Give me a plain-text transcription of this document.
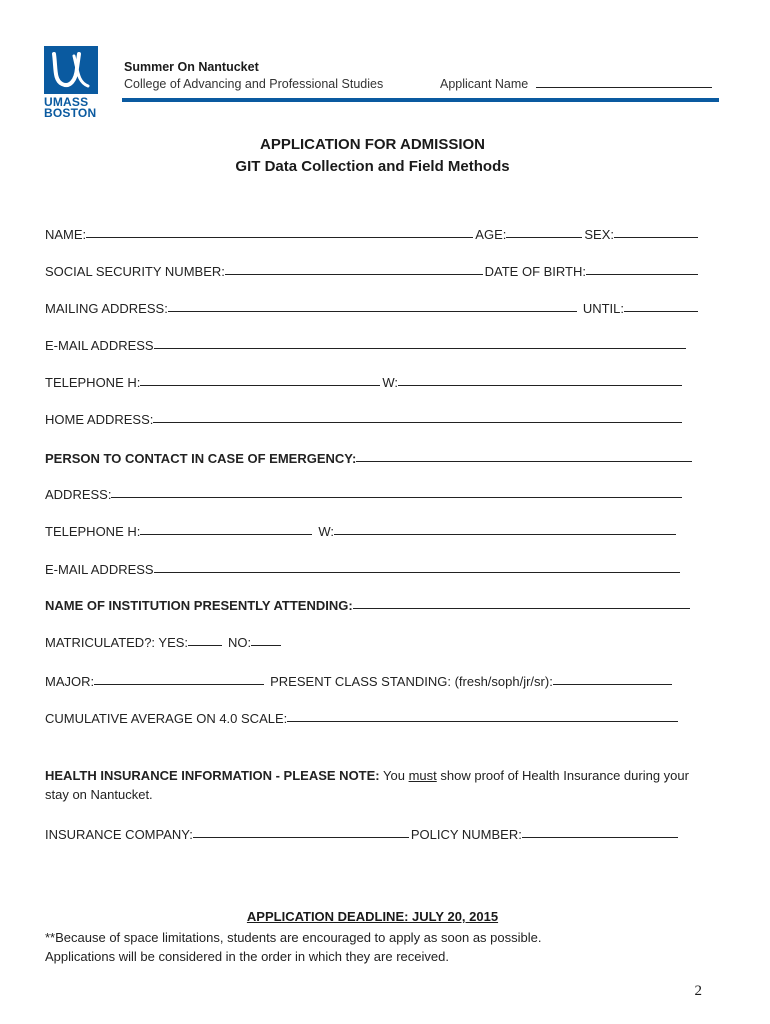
UMASS
BOSTON
Summer On Nantucket
College of Advancing and Professional Studies	Applicant Name
APPLICATION FOR ADMISSION
GIT Data Collection and Field Methods
NAME:	AGE:	SEX:
SOCIAL SECURITY NUMBER:	DATE OF BIRTH:
MAILING ADDRESS:	UNTIL:
E-MAIL ADDRESS
TELEPHONE H:	W:
HOME ADDRESS:
PERSON TO CONTACT IN CASE OF EMERGENCY:
ADDRESS:
TELEPHONE H:	W:
E-MAIL ADDRESS
NAME OF INSTITUTION PRESENTLY ATTENDING:
MATRICULATED?: YES:	NO:
MAJOR:	PRESENT CLASS STANDING: (fresh/soph/jr/sr):
CUMULATIVE AVERAGE ON 4.0 SCALE:
HEALTH INSURANCE INFORMATION - PLEASE NOTE: You must show proof of Health Insurance during your stay on Nantucket.
INSURANCE COMPANY:	POLICY NUMBER:
APPLICATION DEADLINE: JULY 20, 2015
**Because of space limitations, students are encouraged to apply as soon as possible.
Applications will be considered in the order in which they are received.
2
